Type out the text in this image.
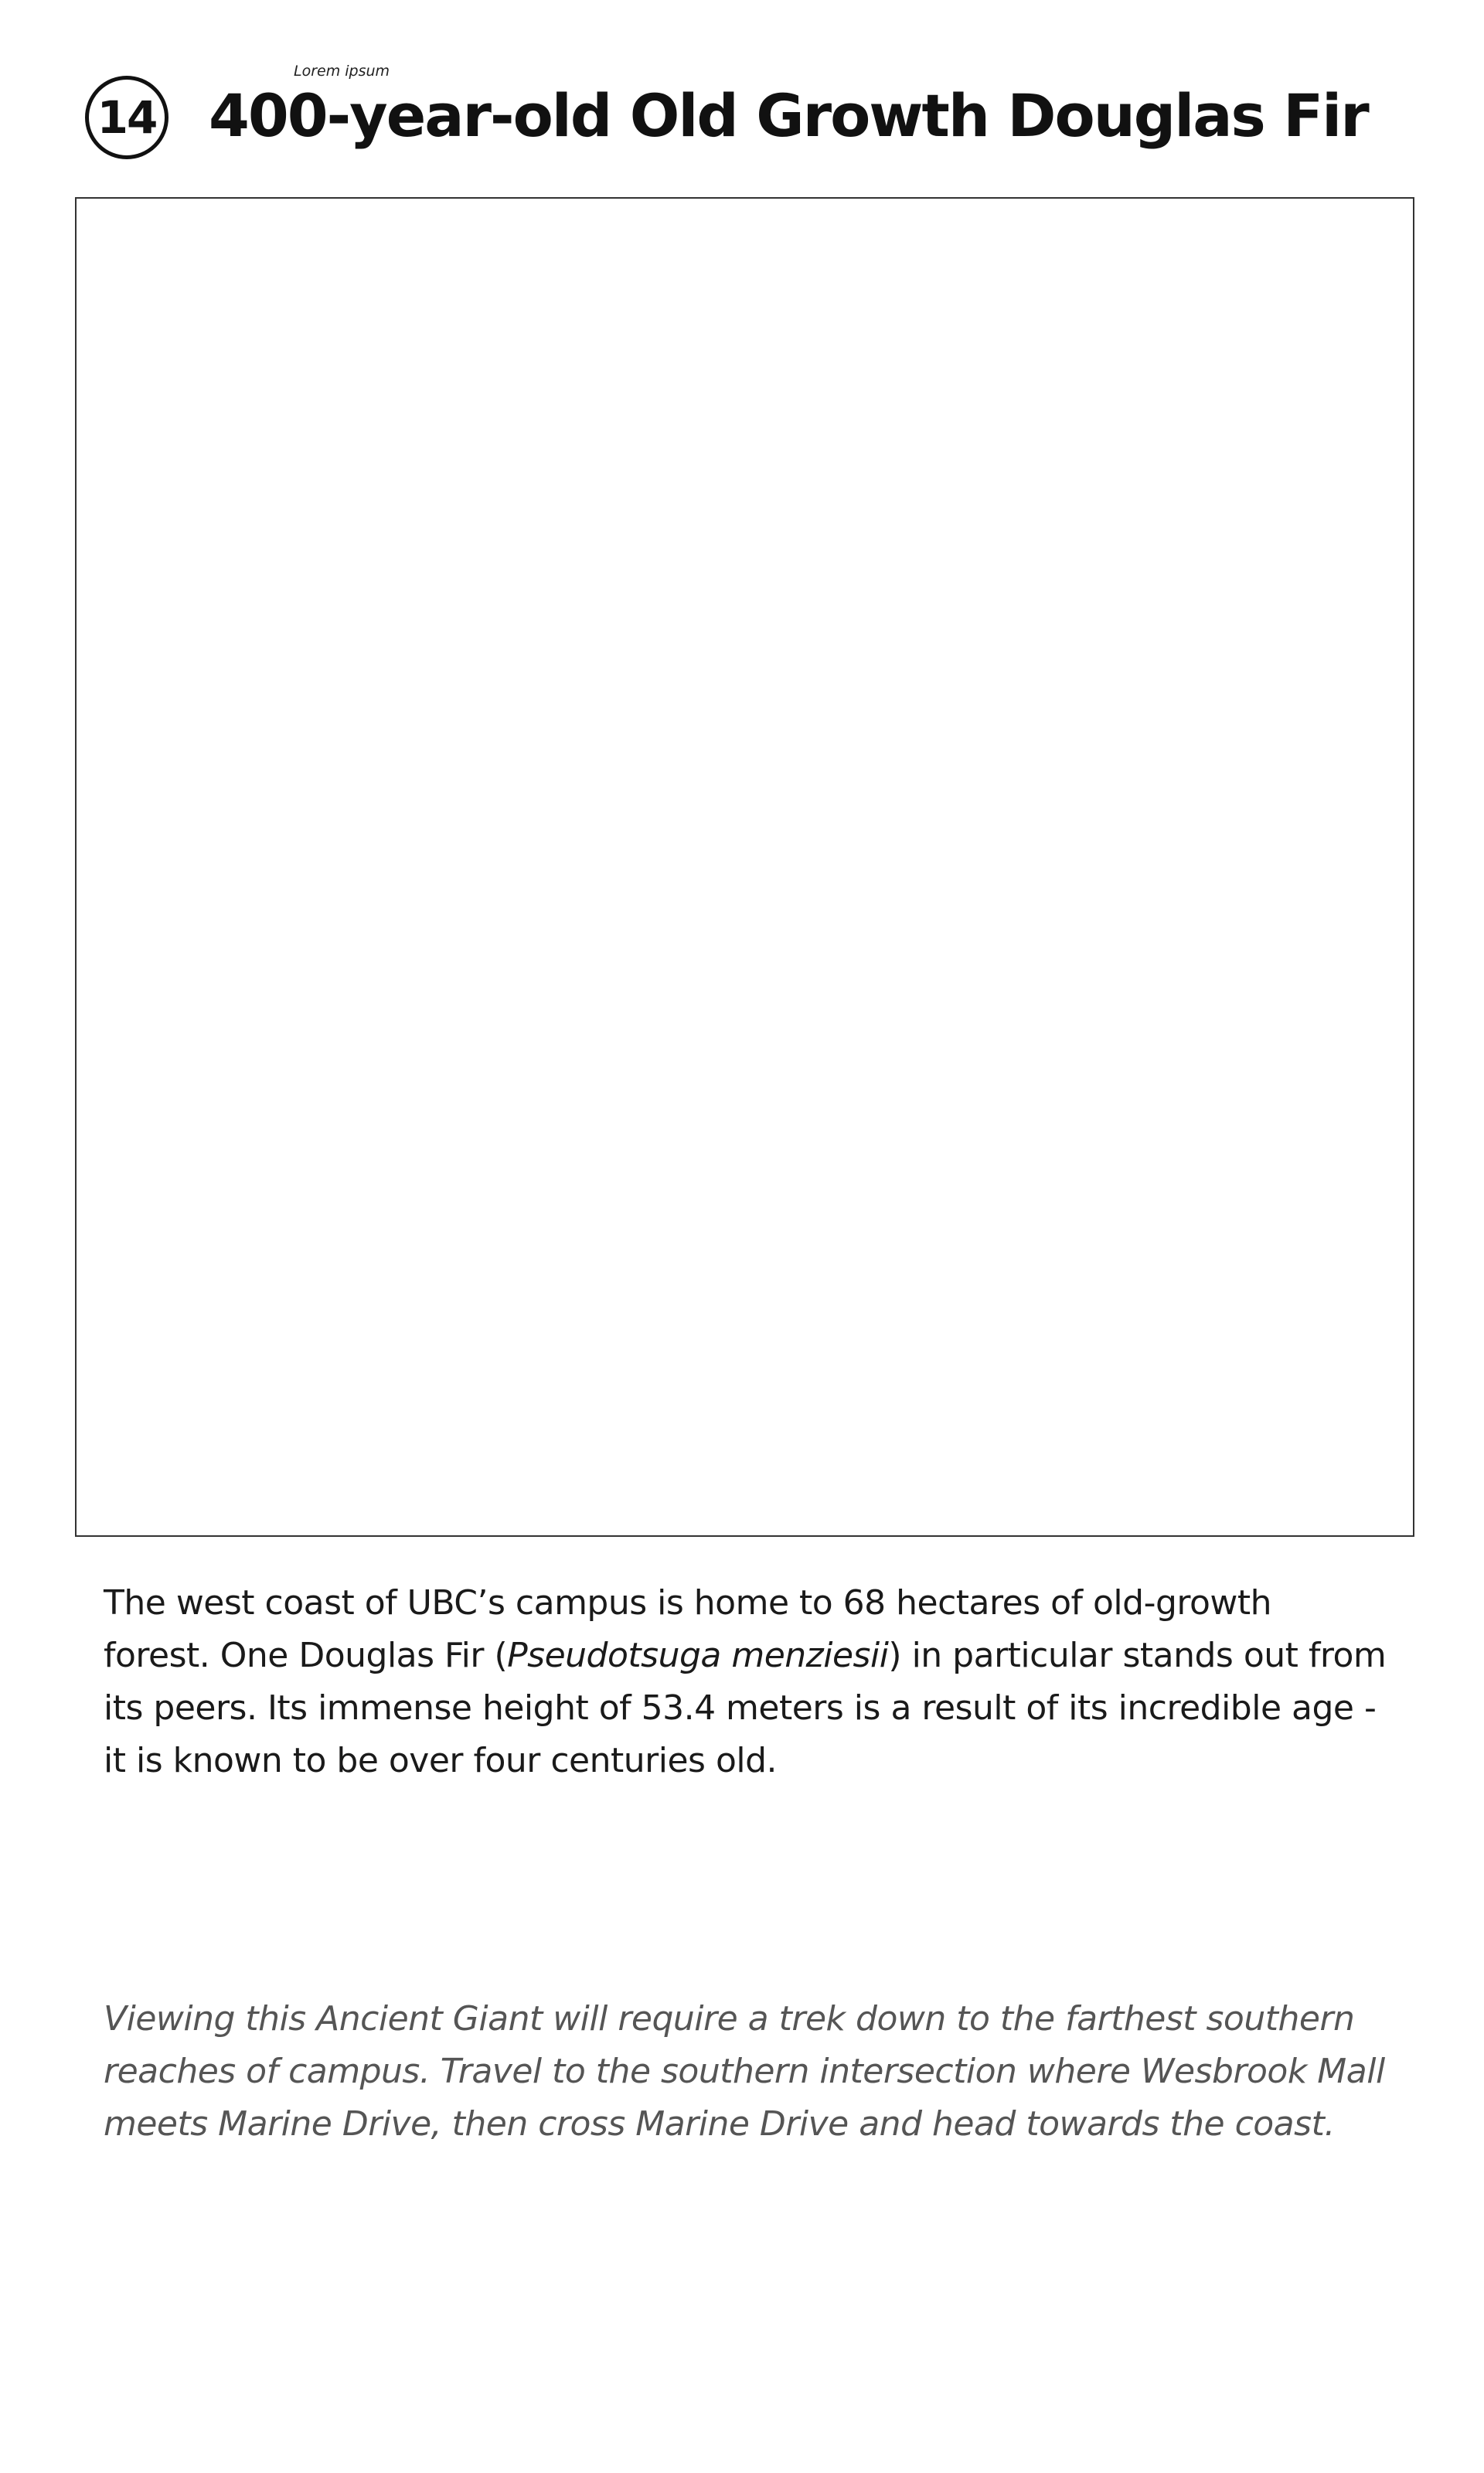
Lorem ipsum
14 400-year-old Old Growth Douglas Fir

The west coast of UBC’s campus is home to 68 hectares of old-growth forest. One Douglas Fir (Pseudotsuga menziesii) in particular stands out from its peers. Its immense height of 53.4 meters is a result of its incredible age - it is known to be over four centuries old.

Viewing this Ancient Giant will require a trek down to the farthest southern reaches of campus. Travel to the southern intersection where Wesbrook Mall meets Marine Drive, then cross Marine Drive and head towards the coast.
